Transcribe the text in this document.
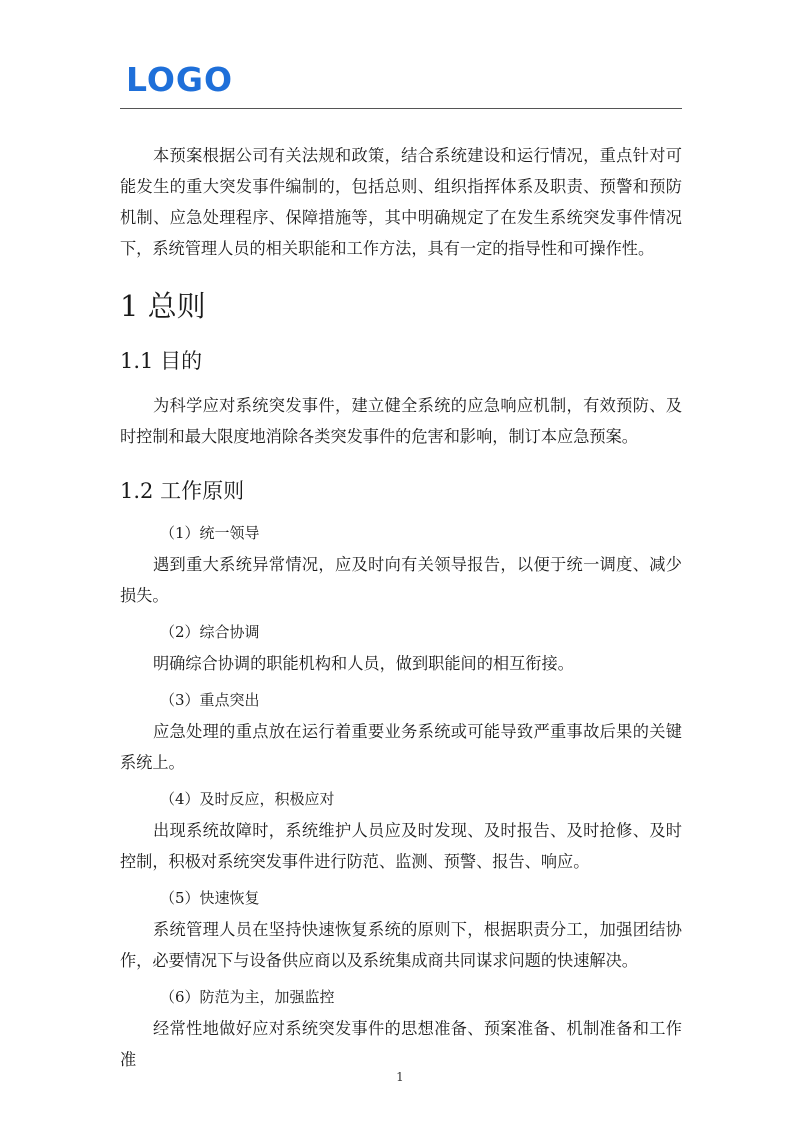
LOGO

本预案根据公司有关法规和政策，结合系统建设和运行情况，重点针对可能发生的重大突发事件编制的，包括总则、组织指挥体系及职责、预警和预防机制、应急处理程序、保障措施等，其中明确规定了在发生系统突发事件情况下，系统管理人员的相关职能和工作方法，具有一定的指导性和可操作性。

1 总则
1.1 目的

为科学应对系统突发事件，建立健全系统的应急响应机制，有效预防、及时控制和最大限度地消除各类突发事件的危害和影响，制订本应急预案。

1.2 工作原则

（1）统一领导

遇到重大系统异常情况，应及时向有关领导报告，以便于统一调度、减少损失。

（2）综合协调

明确综合协调的职能机构和人员，做到职能间的相互衔接。

（3）重点突出

应急处理的重点放在运行着重要业务系统或可能导致严重事故后果的关键系统上。

（4）及时反应，积极应对

出现系统故障时，系统维护人员应及时发现、及时报告、及时抢修、及时控制，积极对系统突发事件进行防范、监测、预警、报告、响应。

（5）快速恢复

系统管理人员在坚持快速恢复系统的原则下，根据职责分工，加强团结协作，必要情况下与设备供应商以及系统集成商共同谋求问题的快速解决。

（6）防范为主，加强监控

经常性地做好应对系统突发事件的思想准备、预案准备、机制准备和工作准

1
